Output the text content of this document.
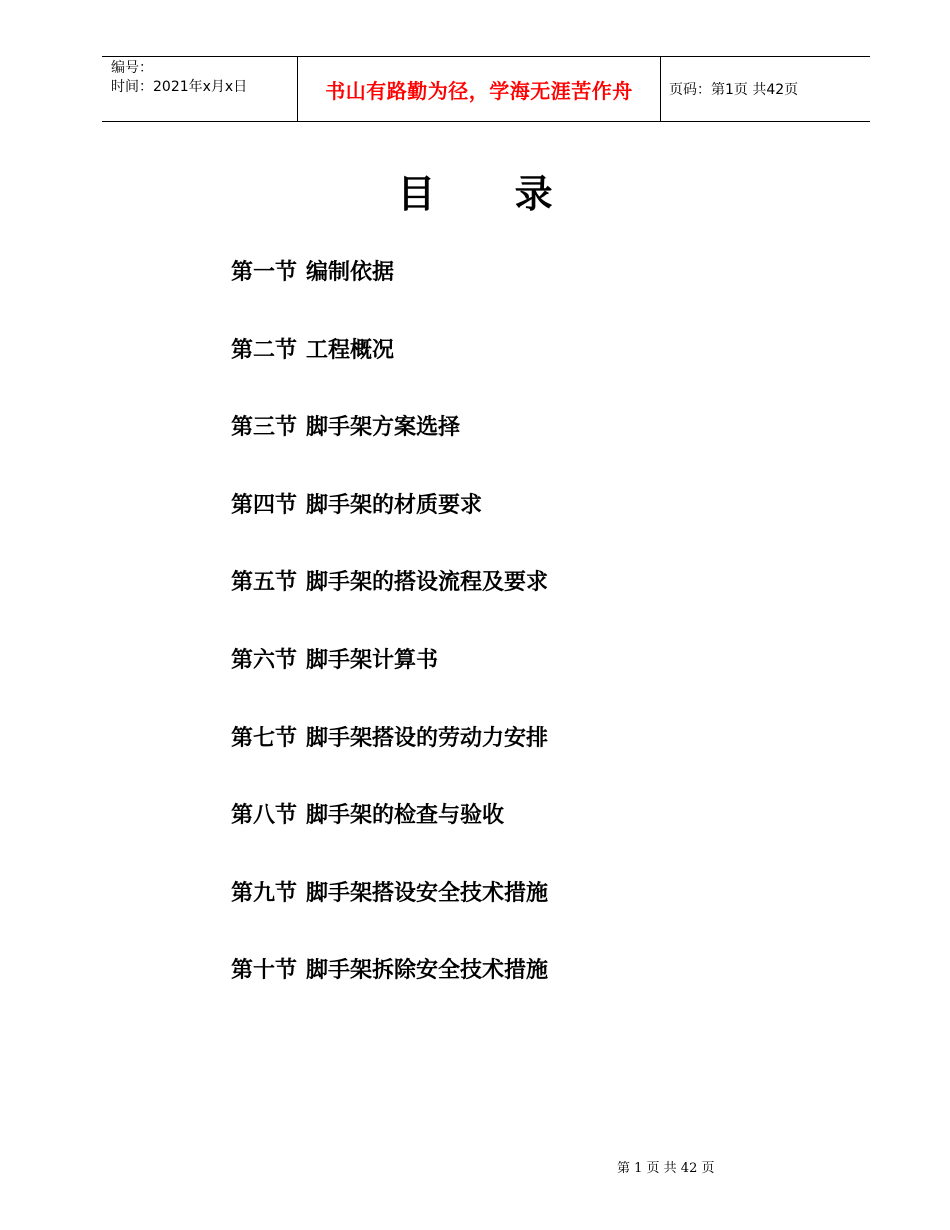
编号：
时间：2021年x月x日	书山有路勤为径，学海无涯苦作舟	页码：第1页 共42页
目      录
第一节 编制依据
第二节 工程概况
第三节 脚手架方案选择
第四节 脚手架的材质要求
第五节 脚手架的搭设流程及要求
第六节 脚手架计算书
第七节 脚手架搭设的劳动力安排
第八节 脚手架的检查与验收
第九节 脚手架搭设安全技术措施
第十节 脚手架拆除安全技术措施
第 1 页 共 42 页
